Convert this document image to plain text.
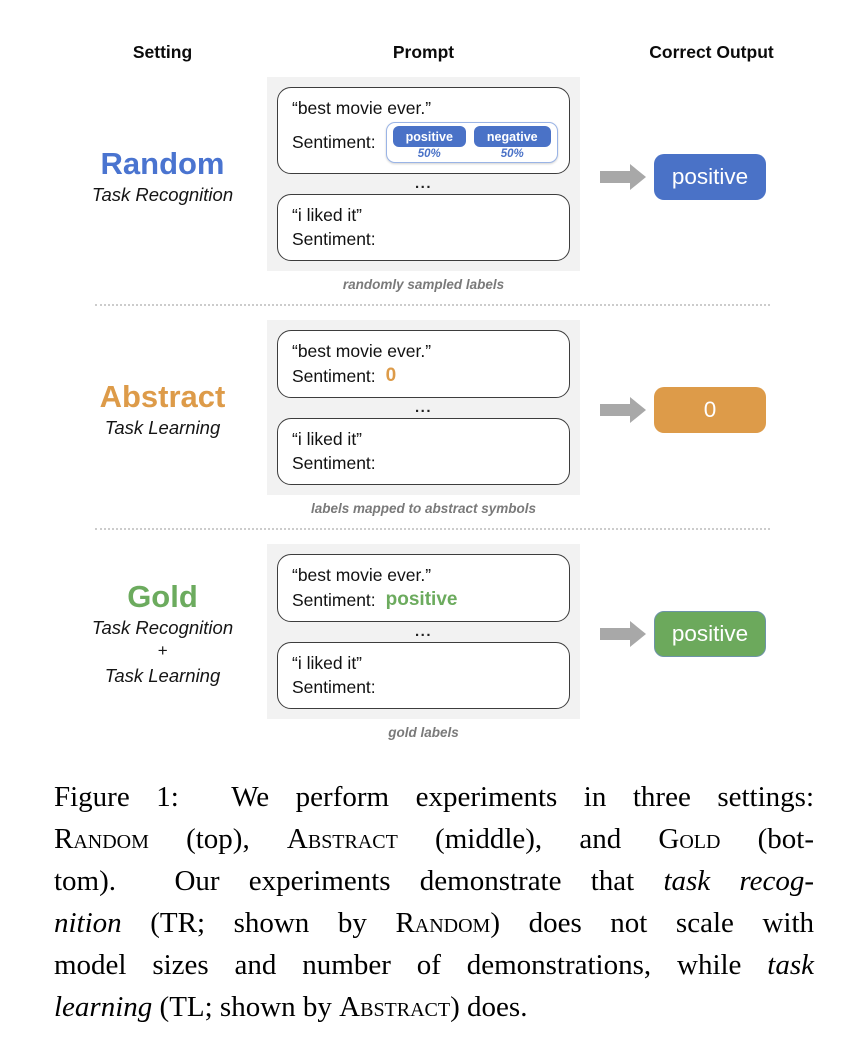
Setting	Prompt	Correct Output
Random
Task Recognition
“best movie ever.”
Sentiment:	positive
50%
negative
50%
...
“i liked it”
Sentiment:
randomly sampled labels
positive
Abstract
Task Learning
“best movie ever.”
Sentiment: 0
...
“i liked it”
Sentiment:
labels mapped to abstract symbols
0
Gold
Task Recognition
+
Task Learning
“best movie ever.”
Sentiment: positive
...
“i liked it”
Sentiment:
gold labels
positive
Figure 1:  We perform experiments in three settings:
Random (top), Abstract (middle), and Gold (bot-
tom).  Our experiments demonstrate that task recog-
nition (TR; shown by Random) does not scale with
model sizes and number of demonstrations, while task
learning (TL; shown by Abstract) does.
